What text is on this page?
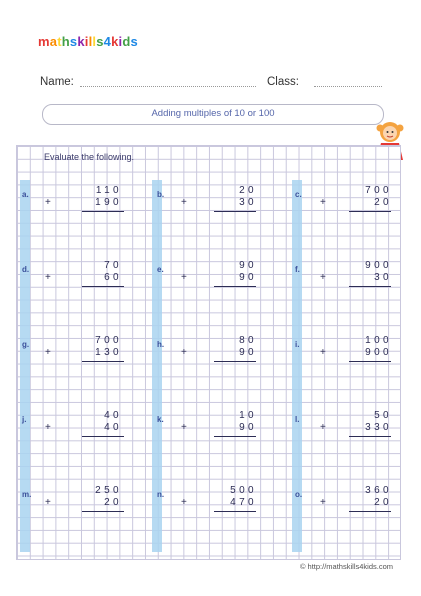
mathskills4kids
Name:	Class:
Adding multiples of 10 or 100
Evaluate the following.
a.	110
+	190
b.	20
+	30
c.	700
+	20
d.	70
+	60
e.	90
+	90
f.	900
+	30
g.	700
+	130
h.	80
+	90
i.	100
+	900
j.	40
+	40
k.	10
+	90
l.	50
+	330
m.	250
+	20
n.	500
+	470
o.	360
+	20
© http://mathskills4kids.com
